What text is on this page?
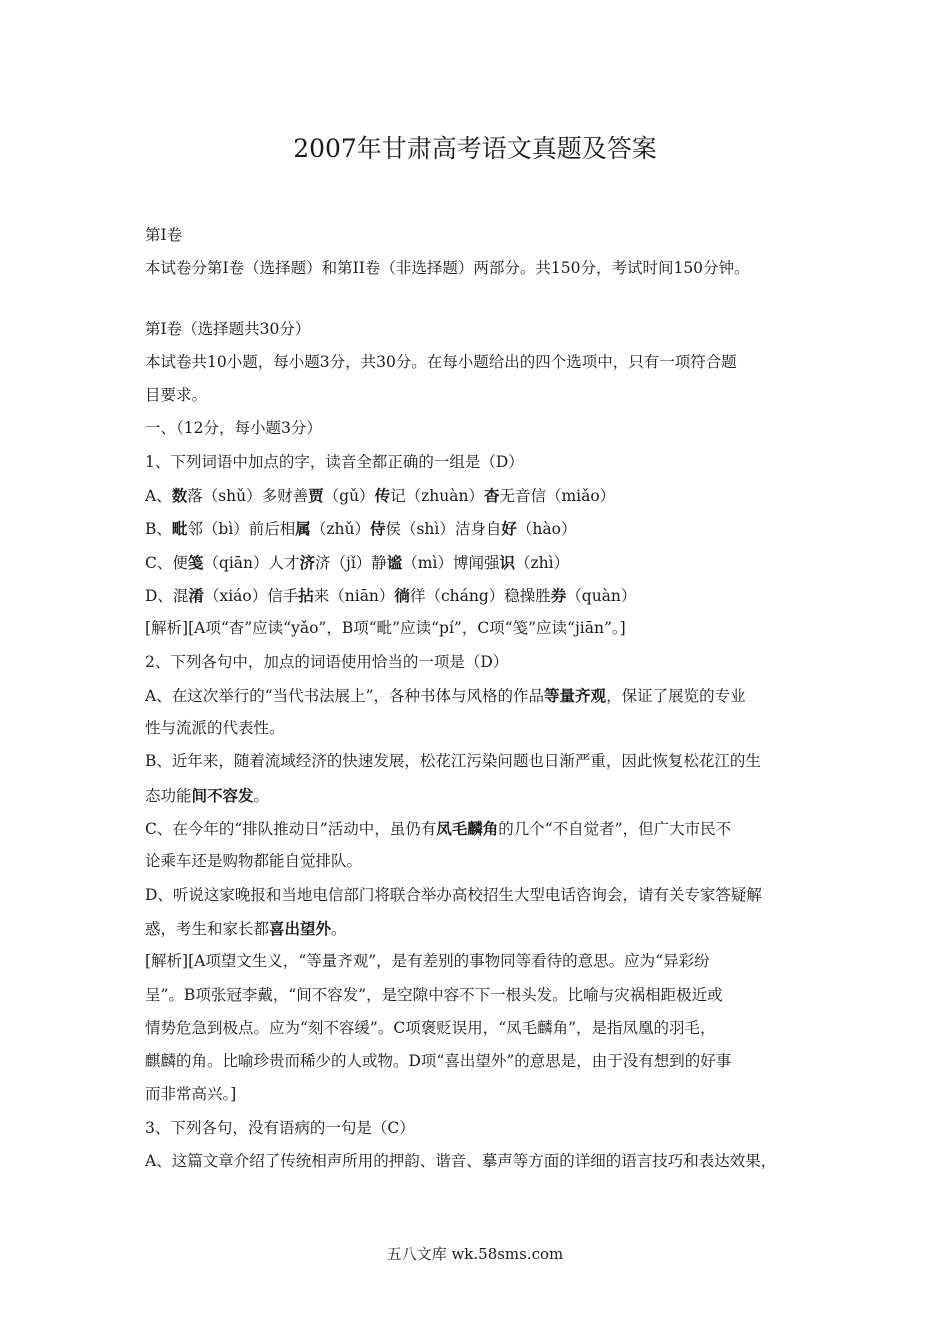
2007年甘肃高考语文真题及答案
第Ⅰ卷
本试卷分第Ⅰ卷（选择题）和第II卷（非选择题）两部分。共150分，考试时间150分钟。
第Ⅰ卷（选择题共30分）
本试卷共10小题，每小题3分，共30分。在每小题给出的四个选项中，只有一项符合题
目要求。
一、（12分，每小题3分）
1、下列词语中加点的字，读音全都正确的一组是（D）
A、数落（shǔ）多财善贾（gǔ）传记（zhuàn）杳无音信（miǎo）
B、毗邻（bì）前后相属（zhǔ）侍侯（shì）洁身自好（hào）
C、便笺（qiān）人才济济（jǐ）静谧（mì）博闻强识（zhì）
D、混淆（xiáo）信手拈来（niān）徜徉（cháng）稳操胜券（quàn）
[解析][A项“杳”应读“yǎo”，B项“毗”应读“pí”，C项“笺”应读“jiān”。]
2、下列各句中，加点的词语使用恰当的一项是（D）
A、在这次举行的“当代书法展上”，各种书体与风格的作品等量齐观，保证了展览的专业
性与流派的代表性。
B、近年来，随着流域经济的快速发展，松花江污染问题也日渐严重，因此恢复松花江的生
态功能间不容发。
C、在今年的“排队推动日”活动中，虽仍有凤毛麟角的几个“不自觉者”，但广大市民不
论乘车还是购物都能自觉排队。
D、听说这家晚报和当地电信部门将联合举办高校招生大型电话咨询会，请有关专家答疑解
惑，考生和家长都喜出望外。
[解析][A项望文生义，“等量齐观”，是有差别的事物同等看待的意思。应为“异彩纷
呈”。B项张冠李戴，“间不容发”，是空隙中容不下一根头发。比喻与灾祸相距极近或
情势危急到极点。应为“刻不容缓”。C项褒贬误用，“凤毛麟角”，是指凤凰的羽毛，
麒麟的角。比喻珍贵而稀少的人或物。D项“喜出望外”的意思是，由于没有想到的好事
而非常高兴。]
3、下列各句，没有语病的一句是（C）
A、这篇文章介绍了传统相声所用的押韵、谐音、摹声等方面的详细的语言技巧和表达效果，
五八文库 wk.58sms.com
